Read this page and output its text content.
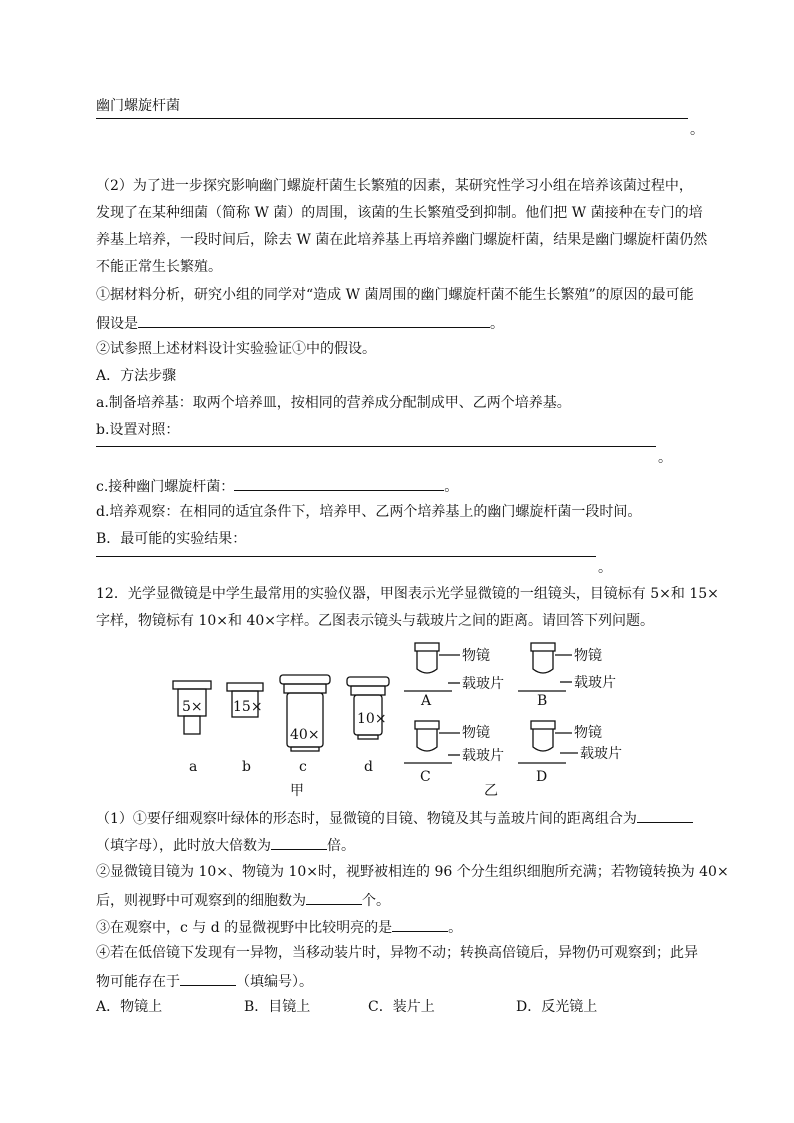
幽门螺旋杆菌
。
（2）为了进一步探究影响幽门螺旋杆菌生长繁殖的因素，某研究性学习小组在培养该菌过程中，
发现了在某种细菌（简称 W 菌）的周围，该菌的生长繁殖受到抑制。他们把 W 菌接种在专门的培
养基上培养，一段时间后，除去 W 菌在此培养基上再培养幽门螺旋杆菌，结果是幽门螺旋杆菌仍然
不能正常生长繁殖。
①据材料分析，研究小组的同学对“造成 W 菌周围的幽门螺旋杆菌不能生长繁殖”的原因的最可能
假设是	。
②试参照上述材料设计实验验证①中的假设。
A．方法步骤
a.制备培养基：取两个培养皿，按相同的营养成分配制成甲、乙两个培养基。
b.设置对照：
。
c.接种幽门螺旋杆菌：	。
d.培养观察：在相同的适宜条件下，培养甲、乙两个培养基上的幽门螺旋杆菌一段时间。
B．最可能的实验结果：
。
12．光学显微镜是中学生最常用的实验仪器，甲图表示光学显微镜的一组镜头，目镜标有 5×和 15×
字样，物镜标有 10×和 40×字样。乙图表示镜头与载玻片之间的距离。请回答下列问题。
5× 15×
40×
10×
a	b	c	d
甲	乙
物镜
载玻片
A
物镜
载玻片
B
物镜
载玻片
C
物镜
载玻片
D
（1）①要仔细观察叶绿体的形态时，显微镜的目镜、物镜及其与盖玻片间的距离组合为
（填字母），此时放大倍数为	倍。
②显微镜目镜为 10×、物镜为 10×时，视野被相连的 96 个分生组织细胞所充满；若物镜转换为 40×
后，则视野中可观察到的细胞数为	个。
③在观察中，c 与 d 的显微视野中比较明亮的是	。
④若在低倍镜下发现有一异物，当移动装片时，异物不动；转换高倍镜后，异物仍可观察到；此异
物可能存在于	（填编号）。
A．物镜上	B．目镜上	C．装片上	D．反光镜上
